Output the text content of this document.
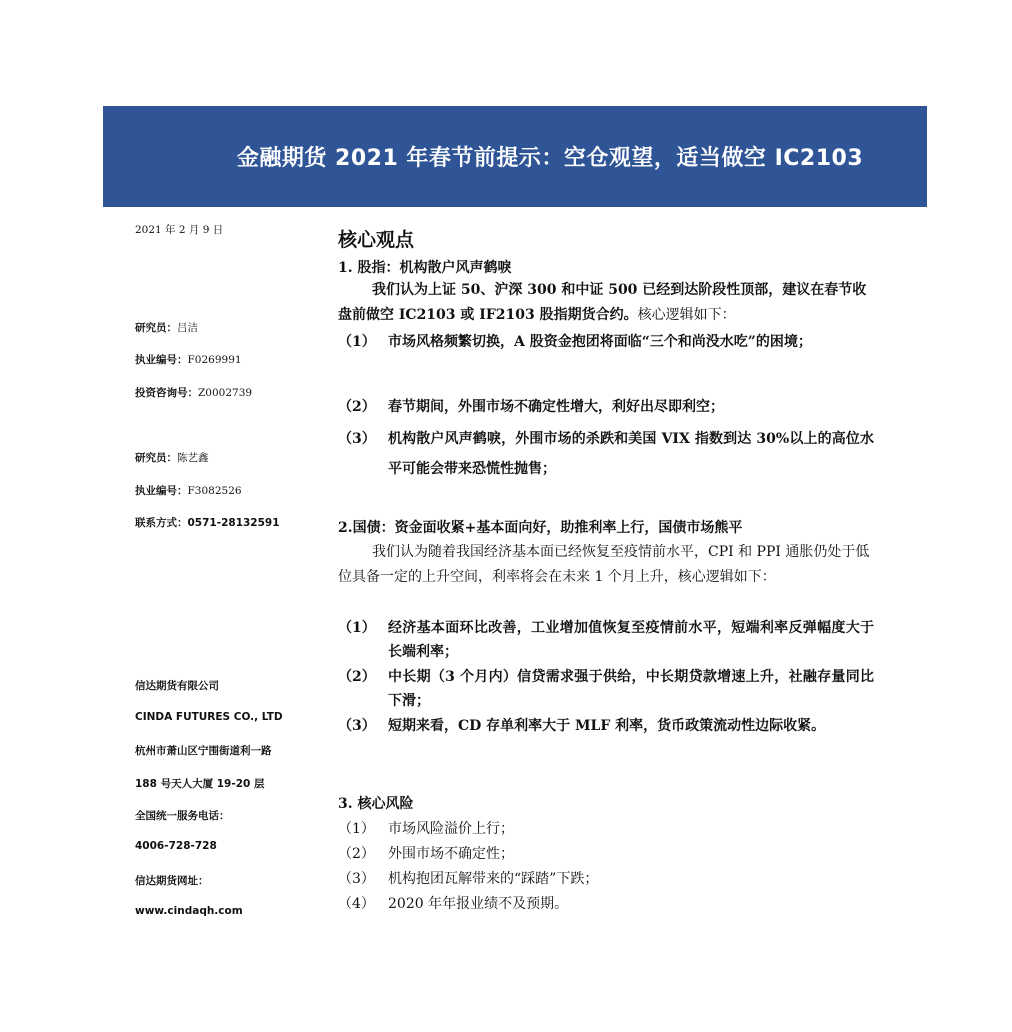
金融期货 2021 年春节前提示：空仓观望，适当做空 IC2103
2021 年 2 月 9 日
研究员：吕洁
执业编号：F0269991
投资咨询号：Z0002739
研究员：陈艺鑫
执业编号：F3082526
联系方式：0571-28132591
信达期货有限公司
CINDA FUTURES CO., LTD
杭州市萧山区宁围街道利一路
188 号天人大厦 19-20 层
全国统一服务电话：
4006-728-728
信达期货网址：
www.cindaqh.com
核心观点
1. 股指：机构散户风声鹤唳
我们认为上证 50、沪深 300 和中证 500 已经到达阶段性顶部，建议在春节收盘前做空 IC2103 或 IF2103 股指期货合约。核心逻辑如下：
（1） 市场风格频繁切换，A 股资金抱团将面临“三个和尚没水吃”的困境；
（2） 春节期间，外围市场不确定性增大，利好出尽即利空；
（3） 机构散户风声鹤唳，外围市场的杀跌和美国 VIX 指数到达 30%以上的高位水平可能会带来恐慌性抛售；
2.国债：资金面收紧+基本面向好，助推利率上行，国债市场熊平
我们认为随着我国经济基本面已经恢复至疫情前水平，CPI 和 PPI 通胀仍处于低位具备一定的上升空间，利率将会在未来 1 个月上升，核心逻辑如下：
（1） 经济基本面环比改善，工业增加值恢复至疫情前水平，短端利率反弹幅度大于长端利率；
（2） 中长期（3 个月内）信贷需求强于供给，中长期贷款增速上升，社融存量同比下滑；
（3） 短期来看，CD 存单利率大于 MLF 利率，货币政策流动性边际收紧。
3. 核心风险
（1） 市场风险溢价上行；
（2） 外围市场不确定性；
（3） 机构抱团瓦解带来的“踩踏”下跌；
（4） 2020 年年报业绩不及预期。
